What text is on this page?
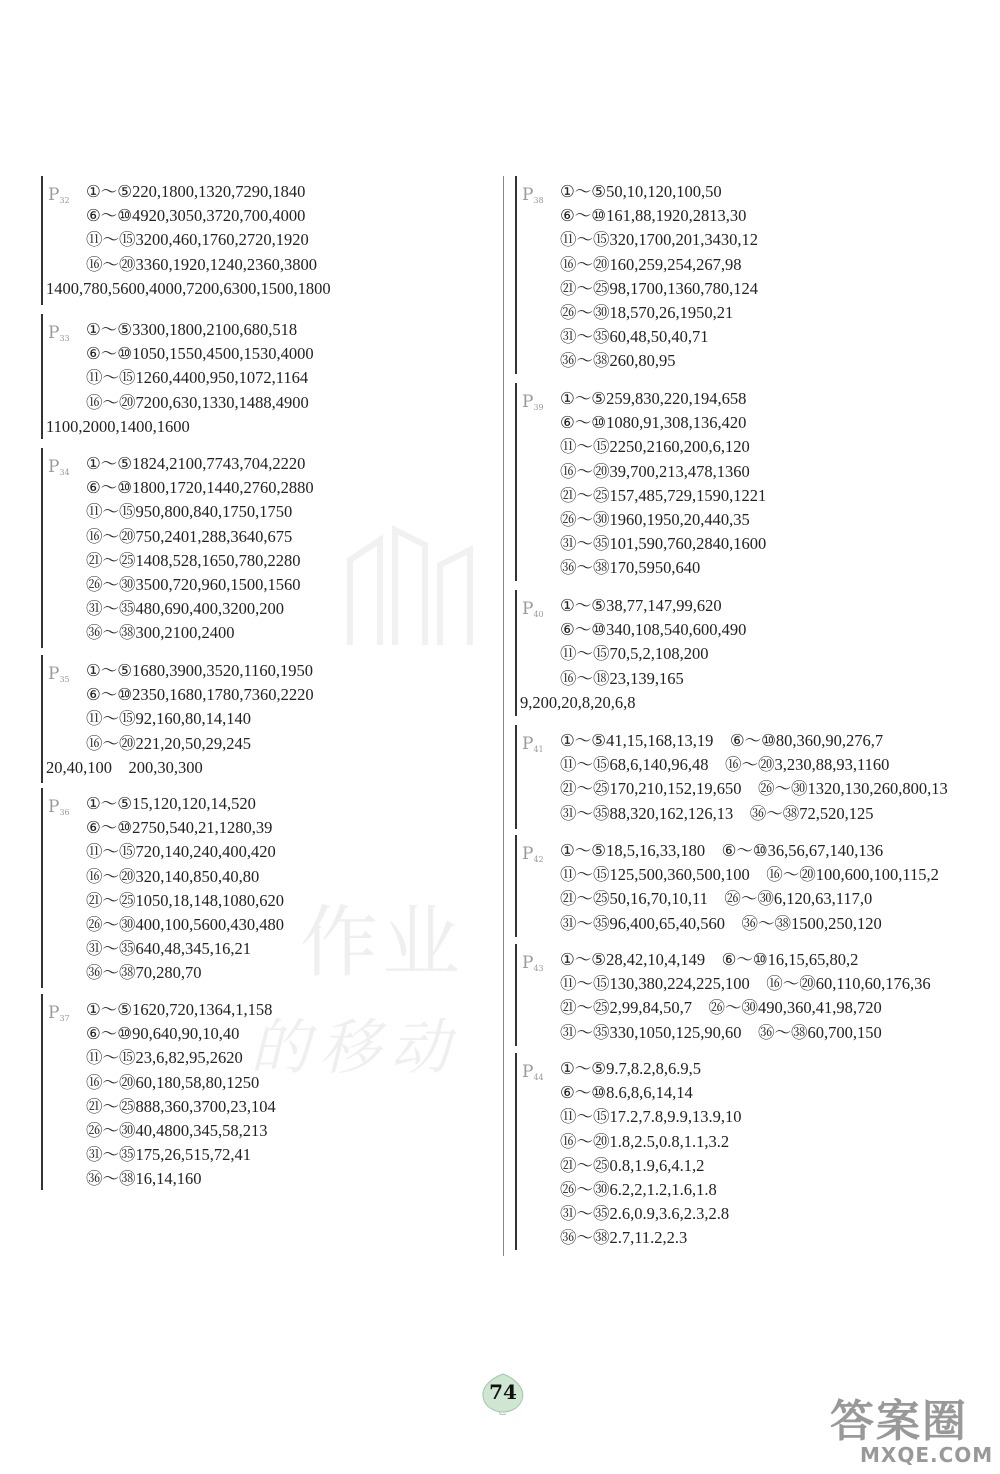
作业
的移动
$P_{32}$ ①～⑤220,1800,1320,7290,1840
⑥～⑩4920,3050,3720,700,4000
⑪～⑮3200,460,1760,2720,1920
⑯～⑳3360,1920,1240,2360,3800
1400,780,5600,4000,7200,6300,1500,1800
$P_{33}$ ①～⑤3300,1800,2100,680,518
⑥～⑩1050,1550,4500,1530,4000
⑪～⑮1260,4400,950,1072,1164
⑯～⑳7200,630,1330,1488,4900
1100,2000,1400,1600
$P_{34}$ ①～⑤1824,2100,7743,704,2220
⑥～⑩1800,1720,1440,2760,2880
⑪～⑮950,800,840,1750,1750
⑯～⑳750,2401,288,3640,675
㉑～㉕1408,528,1650,780,2280
㉖～㉚3500,720,960,1500,1560
㉛～㉟480,690,400,3200,200
㊱～㊳300,2100,2400
$P_{35}$ ①～⑤1680,3900,3520,1160,1950
⑥～⑩2350,1680,1780,7360,2220
⑪～⑮92,160,80,14,140
⑯～⑳221,20,50,29,245
20,40,100　200,30,300
$P_{36}$ ①～⑤15,120,120,14,520
⑥～⑩2750,540,21,1280,39
⑪～⑮720,140,240,400,420
⑯～⑳320,140,850,40,80
㉑～㉕1050,18,148,1080,620
㉖～㉚400,100,5600,430,480
㉛～㉟640,48,345,16,21
㊱～㊳70,280,70
$P_{37}$ ①～⑤1620,720,1364,1,158
⑥～⑩90,640,90,10,40
⑪～⑮23,6,82,95,2620
⑯～⑳60,180,58,80,1250
㉑～㉕888,360,3700,23,104
㉖～㉚40,4800,345,58,213
㉛～㉟175,26,515,72,41
㊱～㊳16,14,160
$P_{38}$ ①～⑤50,10,120,100,50
⑥～⑩161,88,1920,2813,30
⑪～⑮320,1700,201,3430,12
⑯～⑳160,259,254,267,98
㉑～㉕98,1700,1360,780,124
㉖～㉚18,570,26,1950,21
㉛～㉟60,48,50,40,71
㊱～㊳260,80,95
$P_{39}$ ①～⑤259,830,220,194,658
⑥～⑩1080,91,308,136,420
⑪～⑮2250,2160,200,6,120
⑯～⑳39,700,213,478,1360
㉑～㉕157,485,729,1590,1221
㉖～㉚1960,1950,20,440,35
㉛～㉟101,590,760,2840,1600
㊱～㊳170,5950,640
$P_{40}$ ①～⑤38,77,147,99,620
⑥～⑩340,108,540,600,490
⑪～⑮70,5,2,108,200
⑯～⑱23,139,165
9,200,20,8,20,6,8
$P_{41}$ ①～⑤41,15,168,13,19　⑥～⑩80,360,90,276,7
⑪～⑮68,6,140,96,48　⑯～⑳3,230,88,93,1160
㉑～㉕170,210,152,19,650　㉖～㉚1320,130,260,800,13
㉛～㉟88,320,162,126,13　㊱～㊳72,520,125
$P_{42}$ ①～⑤18,5,16,33,180　⑥～⑩36,56,67,140,136
⑪～⑮125,500,360,500,100　⑯～⑳100,600,100,115,2
㉑～㉕50,16,70,10,11　㉖～㉚6,120,63,117,0
㉛～㉟96,400,65,40,560　㊱～㊳1500,250,120
$P_{43}$ ①～⑤28,42,10,4,149　⑥～⑩16,15,65,80,2
⑪～⑮130,380,224,225,100　⑯～⑳60,110,60,176,36
㉑～㉕2,99,84,50,7　㉖～㉚490,360,41,98,720
㉛～㉟330,1050,125,90,60　㊱～㊳60,700,150
$P_{44}$ ①～⑤9.7,8.2,8,6.9,5
⑥～⑩8.6,8,6,14,14
⑪～⑮17.2,7.8,9.9,13.9,10
⑯～⑳1.8,2.5,0.8,1.1,3.2
㉑～㉕0.8,1.9,6,4.1,2
㉖～㉚6.2,2,1.2,1.6,1.8
㉛～㉟2.6,0.9,3.6,2.3,2.8
㊱～㊳2.7,11.2,2.3
74
答案圈
MXQE.COM
